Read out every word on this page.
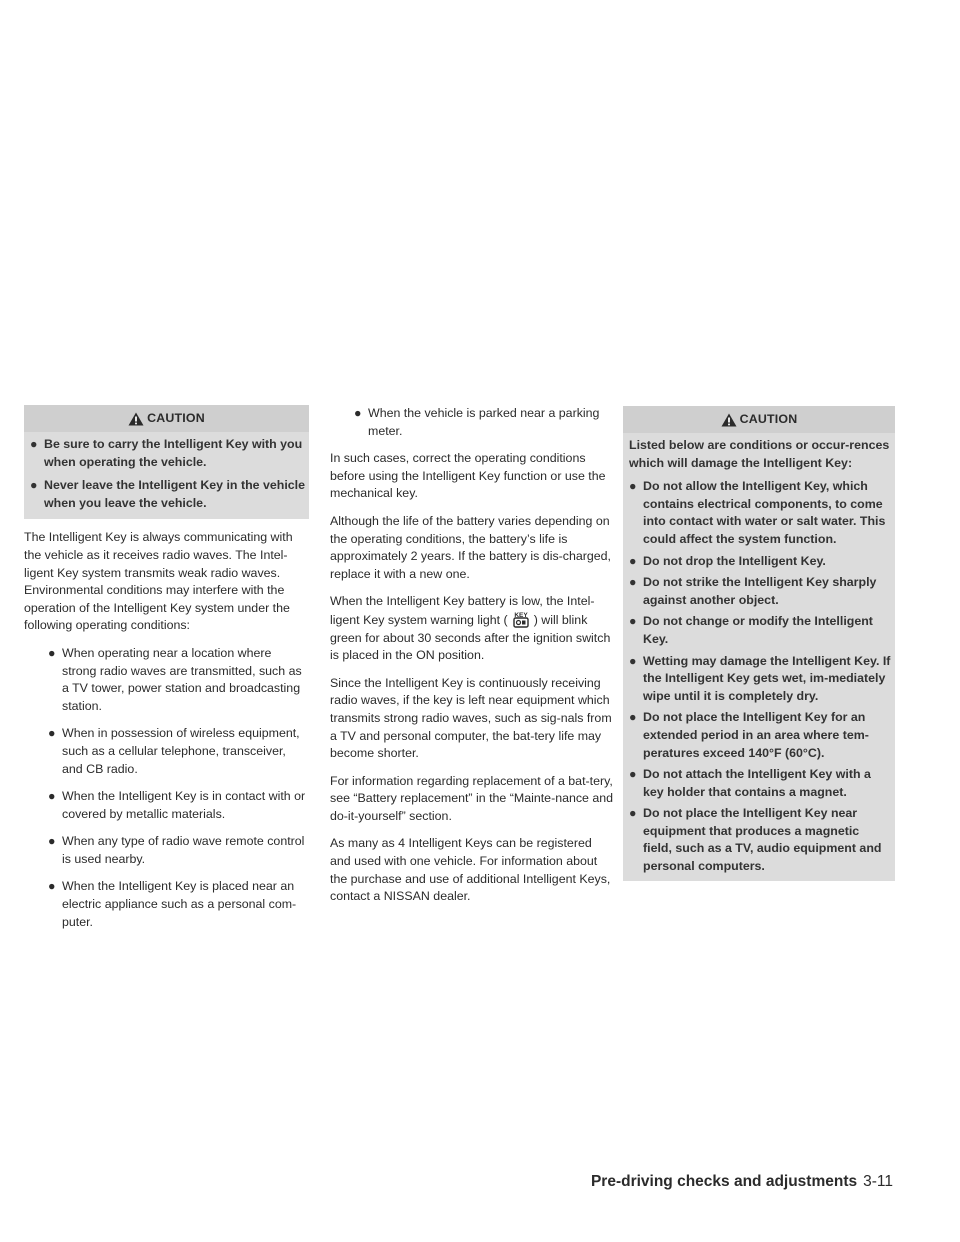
CAUTION
● Be sure to carry the Intelligent Key with you when operating the vehicle.
● Never leave the Intelligent Key in the vehicle when you leave the vehicle.

The Intelligent Key is always communicating with the vehicle as it receives radio waves. The Intel-ligent Key system transmits weak radio waves. Environmental conditions may interfere with the operation of the Intelligent Key system under the following operating conditions:

● When operating near a location where strong radio waves are transmitted, such as a TV tower, power station and broadcasting station.
● When in possession of wireless equipment, such as a cellular telephone, transceiver, and CB radio.
● When the Intelligent Key is in contact with or covered by metallic materials.
● When any type of radio wave remote control is used nearby.
● When the Intelligent Key is placed near an electric appliance such as a personal com-puter.
● When the vehicle is parked near a parking meter.

In such cases, correct the operating conditions before using the Intelligent Key function or use the mechanical key.

Although the life of the battery varies depending on the operating conditions, the battery’s life is approximately 2 years. If the battery is dis-charged, replace it with a new one.

When the Intelligent Key battery is low, the Intel-ligent Key system warning light ( KEY ) will blink green for about 30 seconds after the ignition switch is placed in the ON position.

Since the Intelligent Key is continuously receiving radio waves, if the key is left near equipment which transmits strong radio waves, such as sig-nals from a TV and personal computer, the bat-tery life may become shorter.

For information regarding replacement of a bat-tery, see “Battery replacement” in the “Mainte-nance and do-it-yourself” section.

As many as 4 Intelligent Keys can be registered and used with one vehicle. For information about the purchase and use of additional Intelligent Keys, contact a NISSAN dealer.

CAUTION

Listed below are conditions or occur-rences which will damage the Intelligent Key:

● Do not allow the Intelligent Key, which contains electrical components, to come into contact with water or salt water. This could affect the system function.
● Do not drop the Intelligent Key.
● Do not strike the Intelligent Key sharply against another object.
● Do not change or modify the Intelligent Key.
● Wetting may damage the Intelligent Key. If the Intelligent Key gets wet, im-mediately wipe until it is completely dry.
● Do not place the Intelligent Key for an extended period in an area where tem-peratures exceed 140°F (60°C).
● Do not attach the Intelligent Key with a key holder that contains a magnet.
● Do not place the Intelligent Key near equipment that produces a magnetic field, such as a TV, audio equipment and personal computers.
Pre-driving checks and adjustments 3-11
